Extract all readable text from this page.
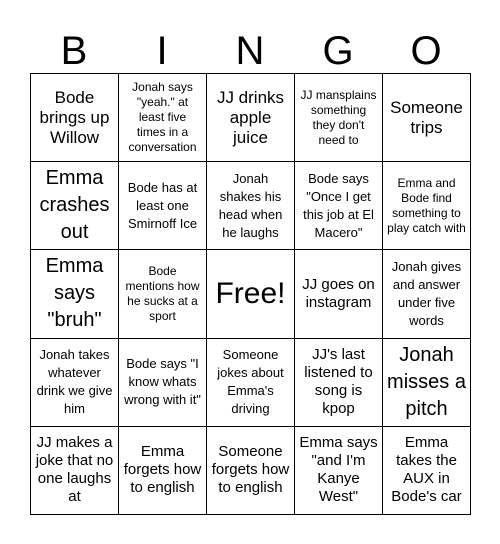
B	I	N	G	O
Bode brings up Willow
Jonah says "yeah." at least five times in a conversation
JJ drinks apple juice
JJ mansplains something they don't need to
Someone trips
Emma crashes out
Bode has at least one Smirnoff Ice
Jonah shakes his head when he laughs
Bode says "Once I get this job at El Macero"
Emma and Bode find something to play catch with
Emma says "bruh"
Bode mentions how he sucks at a sport
Free! JJ goes on instagram
Jonah gives and answer under five words
Jonah takes whatever drink we give him
Bode says "I know whats wrong with it"
Someone jokes about Emma's driving
JJ's last listened to song is kpop
Jonah misses a pitch
JJ makes a joke that no one laughs at
Emma forgets how to english
Someone forgets how to english
Emma says "and I'm Kanye West"
Emma takes the AUX in Bode's car
